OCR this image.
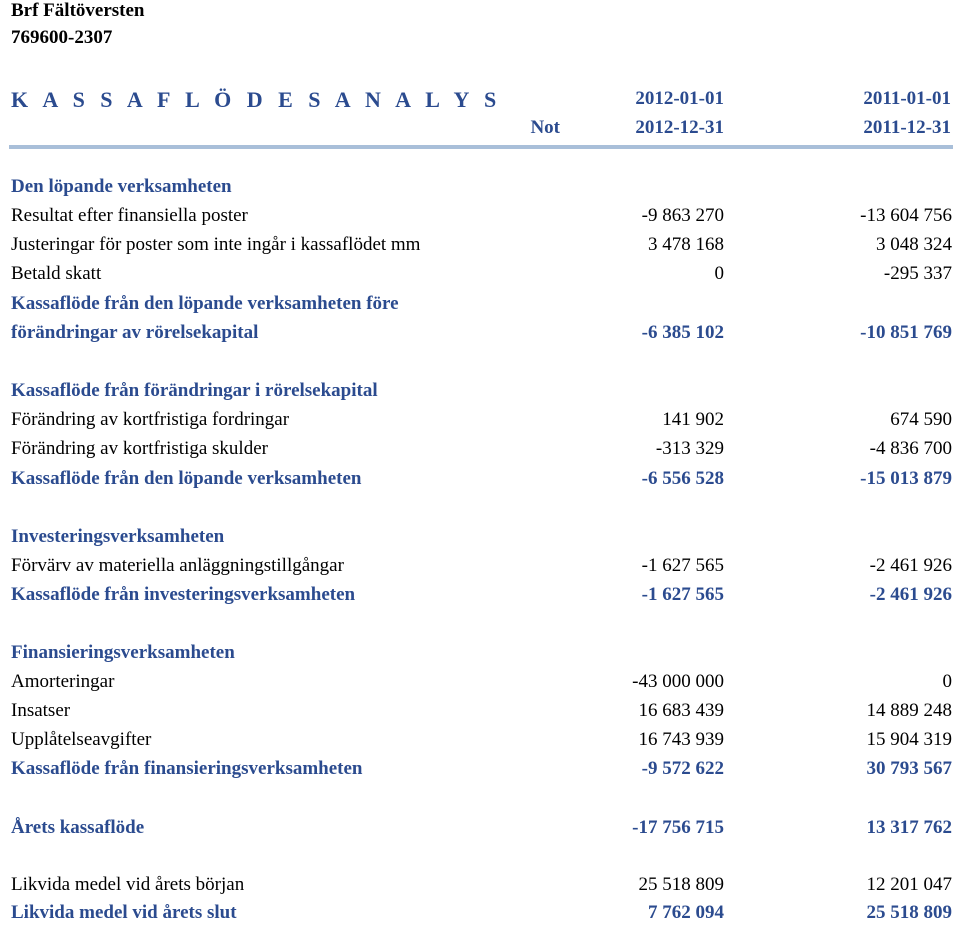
Brf Fältöversten
769600-2307
K A S S A F L Ö D E S A N A L Y S	2012-01-01	2011-01-01
Not	2012-12-31	2011-12-31
Den löpande verksamheten
Resultat efter finansiella poster	-9 863 270	-13 604 756
Justeringar för poster som inte ingår i kassaflödet mm	3 478 168	3 048 324
Betald skatt	0	-295 337
Kassaflöde från den löpande verksamheten före
förändringar av rörelsekapital	-6 385 102	-10 851 769
Kassaflöde från förändringar i rörelsekapital
Förändring av kortfristiga fordringar	141 902	674 590
Förändring av kortfristiga skulder	-313 329	-4 836 700
Kassaflöde från den löpande verksamheten	-6 556 528	-15 013 879
Investeringsverksamheten
Förvärv av materiella anläggningstillgångar	-1 627 565	-2 461 926
Kassaflöde från investeringsverksamheten	-1 627 565	-2 461 926
Finansieringsverksamheten
Amorteringar	-43 000 000	0
Insatser	16 683 439	14 889 248
Upplåtelseavgifter	16 743 939	15 904 319
Kassaflöde från finansieringsverksamheten	-9 572 622	30 793 567
Årets kassaflöde	-17 756 715	13 317 762
Likvida medel vid årets början	25 518 809	12 201 047
Likvida medel vid årets slut	7 762 094	25 518 809
